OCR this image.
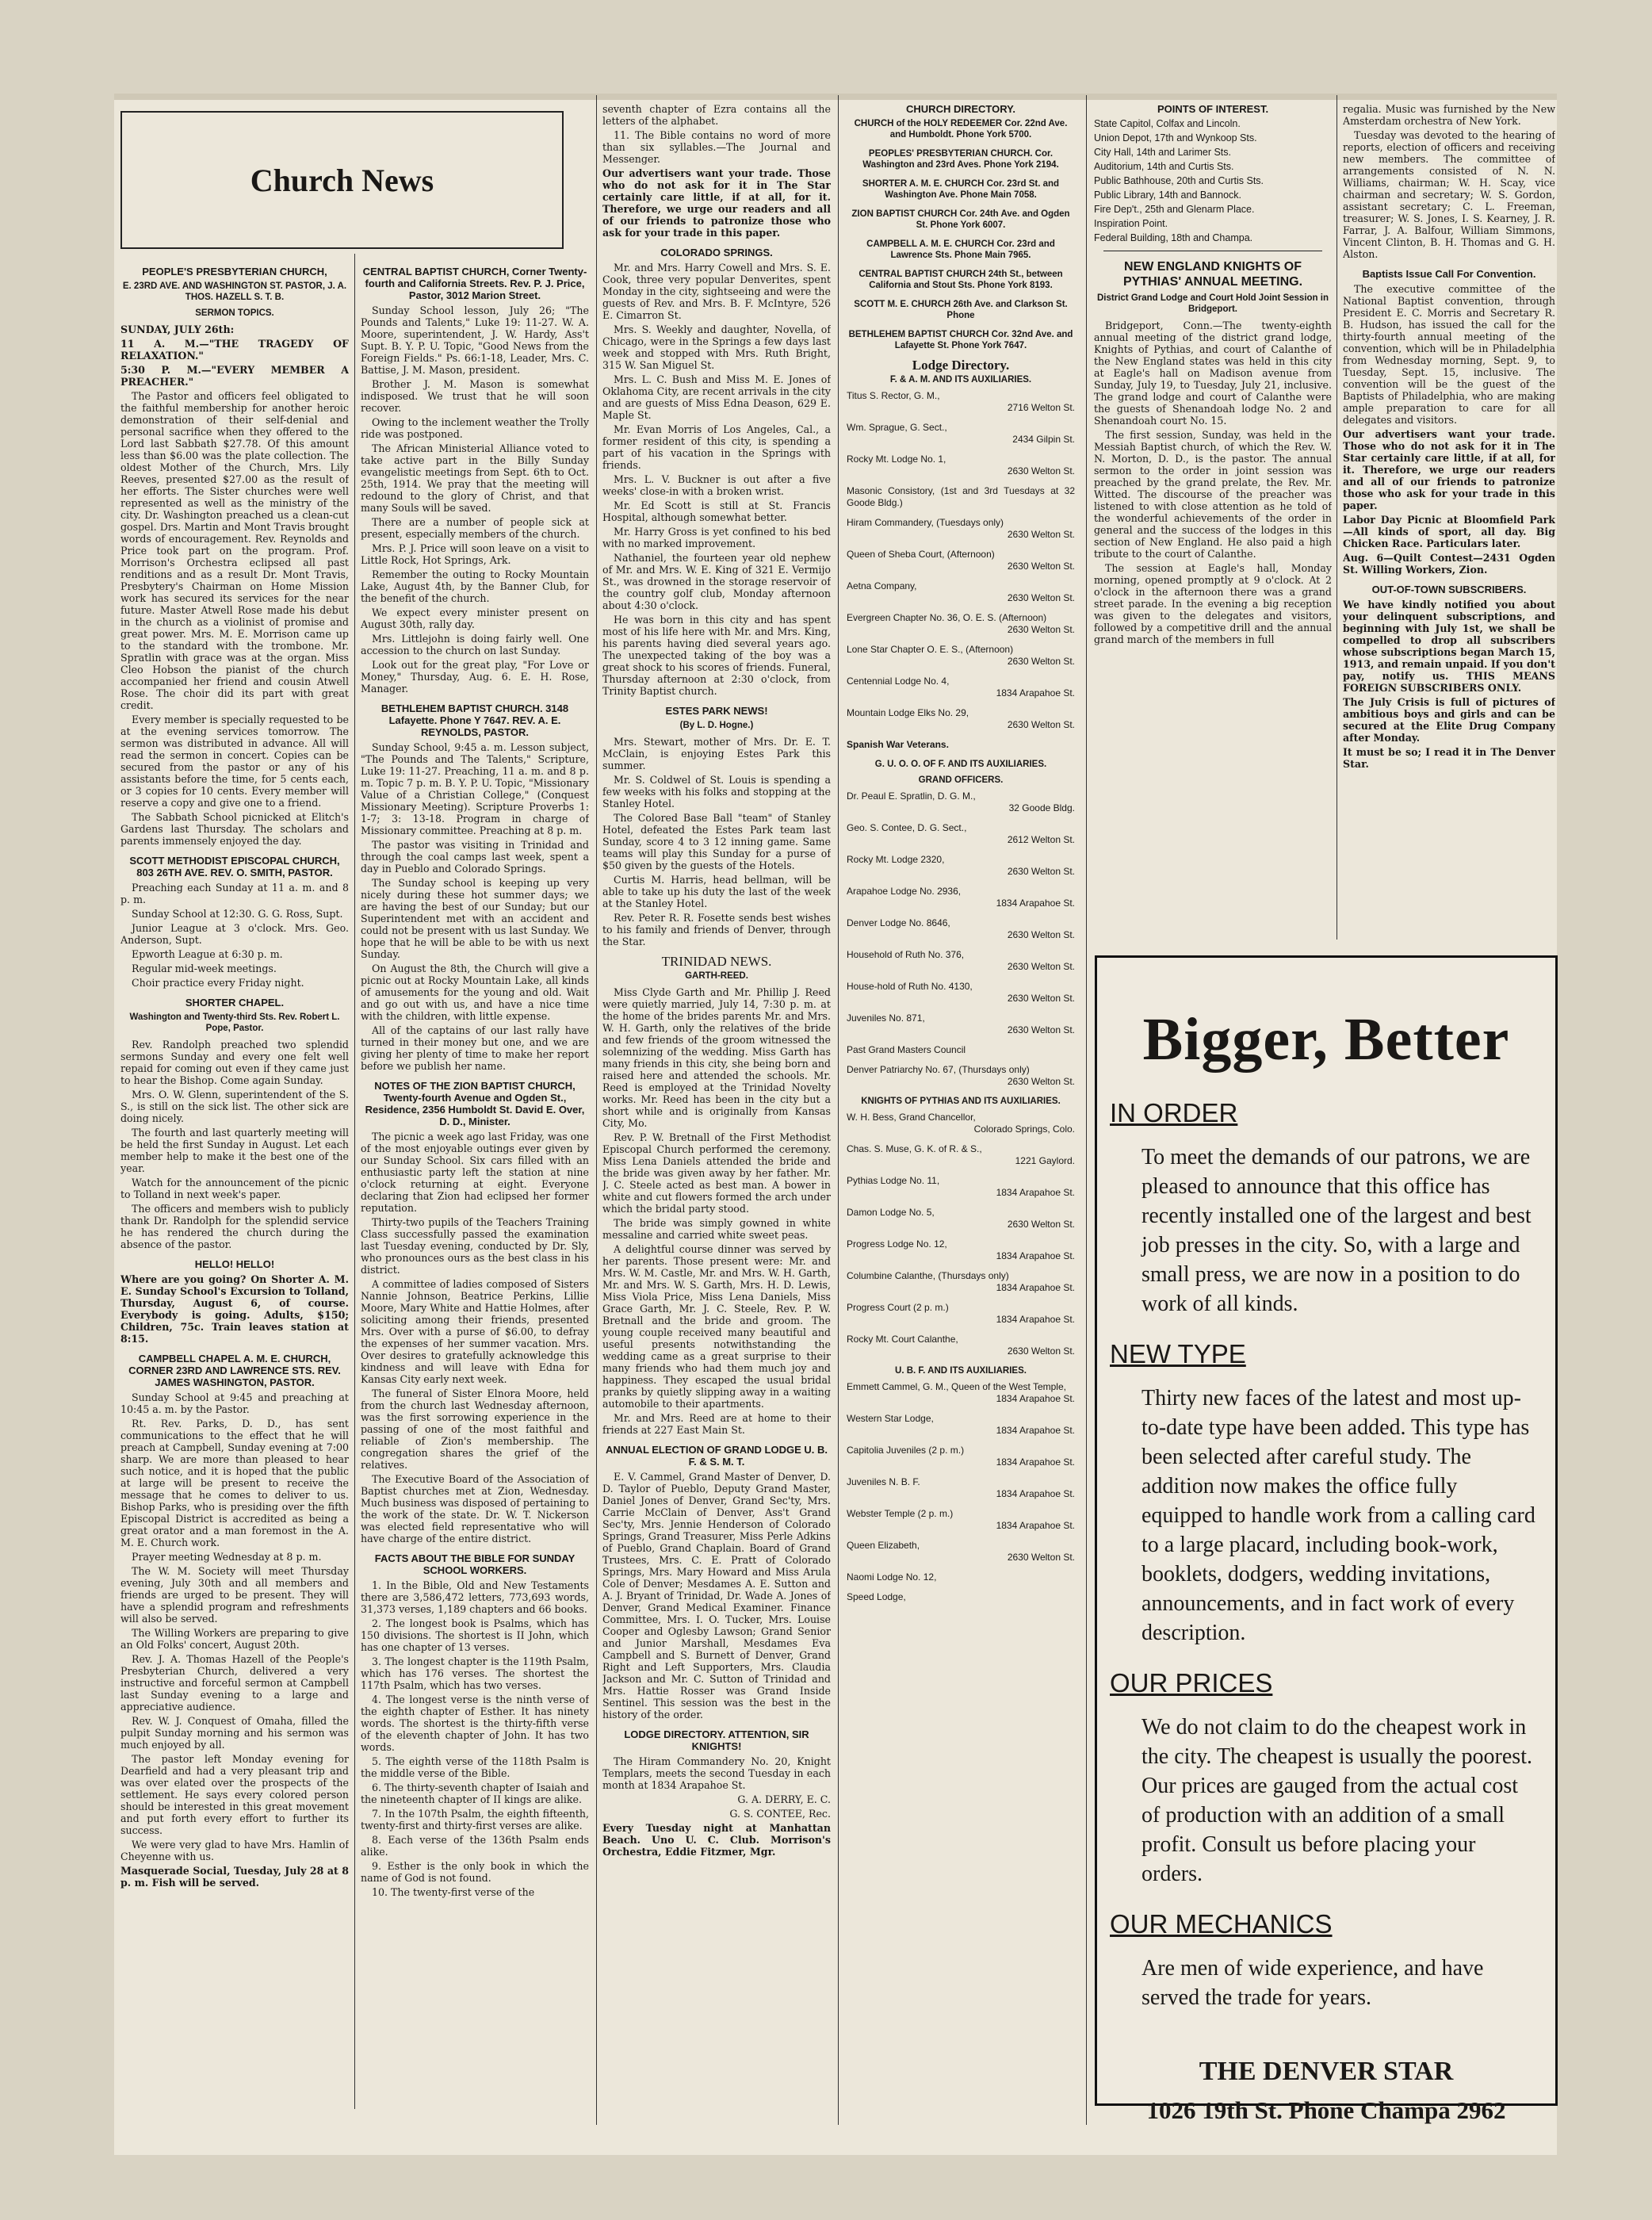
Church News
PEOPLE'S PRESBYTERIAN CHURCH,
E. 23RD AVE. AND WASHINGTON ST. PASTOR, J. A. THOS. HAZELL S. T. B.
SERMON TOPICS.

SUNDAY, JULY 26th:

11 A. M.—"THE TRAGEDY OF RELAXATION."

5:30 P. M.—"EVERY MEMBER A PREACHER."

The Pastor and officers feel obligated to the faithful membership for another heroic demonstration of their self-denial and personal sacrifice when they offered to the Lord last Sabbath $27.78. Of this amount less than $6.00 was the plate collection. The oldest Mother of the Church, Mrs. Lily Reeves, presented $27.00 as the result of her efforts. The Sister churches were well represented as well as the ministry of the city. Dr. Washington preached us a clean-cut gospel. Drs. Martin and Mont Travis brought words of encouragement. Rev. Reynolds and Price took part on the program. Prof. Morrison's Orchestra eclipsed all past renditions and as a result Dr. Mont Travis, Presbytery's Chairman on Home Mission work has secured its services for the near future. Master Atwell Rose made his debut in the church as a violinist of promise and great power. Mrs. M. E. Morrison came up to the standard with the trombone. Mr. Spratlin with grace was at the organ. Miss Cleo Hobson the pianist of the church accompanied her friend and cousin Atwell Rose. The choir did its part with great credit.

Every member is specially requested to be at the evening services tomorrow. The sermon was distributed in advance. All will read the sermon in concert. Copies can be secured from the pastor or any of his assistants before the time, for 5 cents each, or 3 copies for 10 cents. Every member will reserve a copy and give one to a friend.

The Sabbath School picnicked at Elitch's Gardens last Thursday. The scholars and parents immensely enjoyed the day.

SCOTT METHODIST EPISCOPAL CHURCH, 803 26TH AVE. REV. O. SMITH, PASTOR.

Preaching each Sunday at 11 a. m. and 8 p. m.

Sunday School at 12:30. G. G. Ross, Supt.

Junior League at 3 o'clock. Mrs. Geo. Anderson, Supt.

Epworth League at 6:30 p. m.

Regular mid-week meetings.

Choir practice every Friday night.

SHORTER CHAPEL.
Washington and Twenty-third Sts. Rev. Robert L. Pope, Pastor.

Rev. Randolph preached two splendid sermons Sunday and every one felt well repaid for coming out even if they came just to hear the Bishop. Come again Sunday.

Mrs. O. W. Glenn, superintendent of the S. S., is still on the sick list. The other sick are doing nicely.

The fourth and last quarterly meeting will be held the first Sunday in August. Let each member help to make it the best one of the year.

Watch for the announcement of the picnic to Tolland in next week's paper.

The officers and members wish to publicly thank Dr. Randolph for the splendid service he has rendered the church during the absence of the pastor.

HELLO! HELLO!

Where are you going? On Shorter A. M. E. Sunday School's Excursion to Tolland, Thursday, August 6, of course. Everybody is going. Adults, $150; Children, 75c. Train leaves station at 8:15.

CAMPBELL CHAPEL A. M. E. CHURCH, CORNER 23RD AND LAWRENCE STS. REV. JAMES WASHINGTON, PASTOR.

Sunday School at 9:45 and preaching at 10:45 a. m. by the Pastor.

Rt. Rev. Parks, D. D., has sent communications to the effect that he will preach at Campbell, Sunday evening at 7:00 sharp. We are more than pleased to hear such notice, and it is hoped that the public at large will be present to receive the message that he comes to deliver to us. Bishop Parks, who is presiding over the fifth Episcopal District is accredited as being a great orator and a man foremost in the A. M. E. Church work.

Prayer meeting Wednesday at 8 p. m.

The W. M. Society will meet Thursday evening, July 30th and all members and friends are urged to be present. They will have a splendid program and refreshments will also be served.

The Willing Workers are preparing to give an Old Folks' concert, August 20th.

Rev. J. A. Thomas Hazell of the People's Presbyterian Church, delivered a very instructive and forceful sermon at Campbell last Sunday evening to a large and appreciative audience.

Rev. W. J. Conquest of Omaha, filled the pulpit Sunday morning and his sermon was much enjoyed by all.

The pastor left Monday evening for Dearfield and had a very pleasant trip and was over elated over the prospects of the settlement. He says every colored person should be interested in this great movement and put forth every effort to further its success.

We were very glad to have Mrs. Hamlin of Cheyenne with us.

Masquerade Social, Tuesday, July 28 at 8 p. m. Fish will be served.

CENTRAL BAPTIST CHURCH, Corner Twenty-fourth and California Streets. Rev. P. J. Price, Pastor, 3012 Marion Street.

Sunday School lesson, July 26; "The Pounds and Talents," Luke 19: 11-27. W. A. Moore, superintendent, J. W. Hardy, Ass't Supt. B. Y. P. U. Topic, "Good News from the Foreign Fields." Ps. 66:1-18, Leader, Mrs. C. Battise, J. M. Mason, president.

Brother J. M. Mason is somewhat indisposed. We trust that he will soon recover.

Owing to the inclement weather the Trolly ride was postponed.

The African Ministerial Alliance voted to take active part in the Billy Sunday evangelistic meetings from Sept. 6th to Oct. 25th, 1914. We pray that the meeting will redound to the glory of Christ, and that many Souls will be saved.

There are a number of people sick at present, especially members of the church.

Mrs. P. J. Price will soon leave on a visit to Little Rock, Hot Springs, Ark.

Remember the outing to Rocky Mountain Lake, August 4th, by the Banner Club, for the benefit of the church.

We expect every minister present on August 30th, rally day.

Mrs. Littlejohn is doing fairly well. One accession to the church on last Sunday.

Look out for the great play, "For Love or Money," Thursday, Aug. 6. E. H. Rose, Manager.

BETHLEHEM BAPTIST CHURCH. 3148 Lafayette. Phone Y 7647. REV. A. E. REYNOLDS, PASTOR.

Sunday School, 9:45 a. m. Lesson subject, "The Pounds and The Talents," Scripture, Luke 19: 11-27. Preaching, 11 a. m. and 8 p. m. Topic 7 p. m. B. Y. P. U. Topic, "Missionary Value of a Christian College," (Conquest Missionary Meeting). Scripture Proverbs 1: 1-7; 3: 13-18. Program in charge of Missionary committee. Preaching at 8 p. m.

The pastor was visiting in Trinidad and through the coal camps last week, spent a day in Pueblo and Colorado Springs.

The Sunday school is keeping up very nicely during these hot summer days; we are having the best of our Sunday; but our Superintendent met with an accident and could not be present with us last Sunday. We hope that he will be able to be with us next Sunday.

On August the 8th, the Church will give a picnic out at Rocky Mountain Lake, all kinds of amusements for the young and old. Wait and go out with us, and have a nice time with the children, with little expense.

All of the captains of our last rally have turned in their money but one, and we are giving her plenty of time to make her report before we publish her name.

NOTES OF THE ZION BAPTIST CHURCH, Twenty-fourth Avenue and Ogden St., Residence, 2356 Humboldt St. David E. Over, D. D., Minister.

The picnic a week ago last Friday, was one of the most enjoyable outings ever given by our Sunday School. Six cars filled with an enthusiastic party left the station at nine o'clock returning at eight. Everyone declaring that Zion had eclipsed her former reputation.

Thirty-two pupils of the Teachers Training Class successfully passed the examination last Tuesday evening, conducted by Dr. Sly, who pronounces ours as the best class in his district.

A committee of ladies composed of Sisters Nannie Johnson, Beatrice Perkins, Lillie Moore, Mary White and Hattie Holmes, after soliciting among their friends, presented Mrs. Over with a purse of $6.00, to defray the expenses of her summer vacation. Mrs. Over desires to gratefully acknowledge this kindness and will leave with Edna for Kansas City early next week.

The funeral of Sister Elnora Moore, held from the church last Wednesday afternoon, was the first sorrowing experience in the passing of one of the most faithful and reliable of Zion's membership. The congregation shares the grief of the relatives.

The Executive Board of the Association of Baptist churches met at Zion, Wednesday. Much business was disposed of pertaining to the work of the state. Dr. W. T. Nickerson was elected field representative who will have charge of the entire district.

FACTS ABOUT THE BIBLE FOR SUNDAY SCHOOL WORKERS.

1. In the Bible, Old and New Testaments there are 3,586,472 letters, 773,693 words, 31,373 verses, 1,189 chapters and 66 books.

2. The longest book is Psalms, which has 150 divisions. The shortest is II John, which has one chapter of 13 verses.

3. The longest chapter is the 119th Psalm, which has 176 verses. The shortest the 117th Psalm, which has two verses.

4. The longest verse is the ninth verse of the eighth chapter of Esther. It has ninety words. The shortest is the thirty-fifth verse of the eleventh chapter of John. It has two words.

5. The eighth verse of the 118th Psalm is the middle verse of the Bible.

6. The thirty-seventh chapter of Isaiah and the nineteenth chapter of II kings are alike.

7. In the 107th Psalm, the eighth fifteenth, twenty-first and thirty-first verses are alike.

8. Each verse of the 136th Psalm ends alike.

9. Esther is the only book in which the name of God is not found.

10. The twenty-first verse of the

seventh chapter of Ezra contains all the letters of the alphabet.

11. The Bible contains no word of more than six syllables.—The Journal and Messenger.

Our advertisers want your trade. Those who do not ask for it in The Star certainly care little, if at all, for it. Therefore, we urge our readers and all of our friends to patronize those who ask for your trade in this paper.

COLORADO SPRINGS.

Mr. and Mrs. Harry Cowell and Mrs. S. E. Cook, three very popular Denverites, spent Monday in the city, sightseeing and were the guests of Rev. and Mrs. B. F. McIntyre, 526 E. Cimarron St.

Mrs. S. Weekly and daughter, Novella, of Chicago, were in the Springs a few days last week and stopped with Mrs. Ruth Bright, 315 W. San Miguel St.

Mrs. L. C. Bush and Miss M. E. Jones of Oklahoma City, are recent arrivals in the city and are guests of Miss Edna Deason, 629 E. Maple St.

Mr. Evan Morris of Los Angeles, Cal., a former resident of this city, is spending a part of his vacation in the Springs with friends.

Mrs. L. V. Buckner is out after a five weeks' close-in with a broken wrist.

Mr. Ed Scott is still at St. Francis Hospital, although somewhat better.

Mr. Harry Gross is yet confined to his bed with no marked improvement.

Nathaniel, the fourteen year old nephew of Mr. and Mrs. W. E. King of 321 E. Vermijo St., was drowned in the storage reservoir of the country golf club, Monday afternoon about 4:30 o'clock.

He was born in this city and has spent most of his life here with Mr. and Mrs. King, his parents having died several years ago. The unexpected taking of the boy was a great shock to his scores of friends. Funeral, Thursday afternoon at 2:30 o'clock, from Trinity Baptist church.

ESTES PARK NEWS!
(By L. D. Hogne.)

Mrs. Stewart, mother of Mrs. Dr. E. T. McClain, is enjoying Estes Park this summer.

Mr. S. Coldwel of St. Louis is spending a few weeks with his folks and stopping at the Stanley Hotel.

The Colored Base Ball "team" of Stanley Hotel, defeated the Estes Park team last Sunday, score 4 to 3 12 inning game. Same teams will play this Sunday for a purse of $50 given by the guests of the Hotels.

Curtis M. Harris, head bellman, will be able to take up his duty the last of the week at the Stanley Hotel.

Rev. Peter R. R. Fosette sends best wishes to his family and friends of Denver, through the Star.

TRINIDAD NEWS.
GARTH-REED.

Miss Clyde Garth and Mr. Phillip J. Reed were quietly married, July 14, 7:30 p. m. at the home of the brides parents Mr. and Mrs. W. H. Garth, only the relatives of the bride and few friends of the groom witnessed the solemnizing of the wedding. Miss Garth has many friends in this city, she being born and raised here and attended the schools. Mr. Reed is employed at the Trinidad Novelty works. Mr. Reed has been in the city but a short while and is originally from Kansas City, Mo.

Rev. P. W. Bretnall of the First Methodist Episcopal Church performed the ceremony. Miss Lena Daniels attended the bride and the bride was given away by her father. Mr. J. C. Steele acted as best man. A bower in white and cut flowers formed the arch under which the bridal party stood.

The bride was simply gowned in white messaline and carried white sweet peas.

A delightful course dinner was served by her parents. Those present were: Mr. and Mrs. W. M. Castle, Mr. and Mrs. W. H. Garth, Mr. and Mrs. W. S. Garth, Mrs. H. D. Lewis, Miss Viola Price, Miss Lena Daniels, Miss Grace Garth, Mr. J. C. Steele, Rev. P. W. Bretnall and the bride and groom. The young couple received many beautiful and useful presents notwithstanding the wedding came as a great surprise to their many friends who had them much joy and happiness. They escaped the usual bridal pranks by quietly slipping away in a waiting automobile to their apartments.

Mr. and Mrs. Reed are at home to their friends at 227 East Main St.

ANNUAL ELECTION OF GRAND LODGE U. B. F. & S. M. T.

E. V. Cammel, Grand Master of Denver, D. D. Taylor of Pueblo, Deputy Grand Master, Daniel Jones of Denver, Grand Sec'ty, Mrs. Carrie McClain of Denver, Ass't Grand Sec'ty, Mrs. Jennie Henderson of Colorado Springs, Grand Treasurer, Miss Perle Adkins of Pueblo, Grand Chaplain. Board of Grand Trustees, Mrs. C. E. Pratt of Colorado Springs, Mrs. Mary Howard and Miss Arula Cole of Denver; Mesdames A. E. Sutton and A. J. Bryant of Trinidad, Dr. Wade A. Jones of Denver, Grand Medical Examiner. Finance Committee, Mrs. I. O. Tucker, Mrs. Louise Cooper and Oglesby Lawson; Grand Senior and Junior Marshall, Mesdames Eva Campbell and S. Burnett of Denver, Grand Right and Left Supporters, Mrs. Claudia Jackson and Mr. C. Sutton of Trinidad and Mrs. Hattie Rosser was Grand Inside Sentinel. This session was the best in the history of the order.

LODGE DIRECTORY. ATTENTION, SIR KNIGHTS!

The Hiram Commandery No. 20, Knight Templars, meets the second Tuesday in each month at 1834 Arapahoe St.

G. A. DERRY, E. C.

G. S. CONTEE, Rec.

Every Tuesday night at Manhattan Beach. Uno U. C. Club. Morrison's Orchestra, Eddie Fitzmer, Mgr.

CHURCH DIRECTORY.
CHURCH of the HOLY REDEEMER Cor. 22nd Ave. and Humboldt. Phone York 5700.
PEOPLES' PRESBYTERIAN CHURCH. Cor. Washington and 23rd Aves. Phone York 2194.
SHORTER A. M. E. CHURCH Cor. 23rd St. and Washington Ave. Phone Main 7058.
ZION BAPTIST CHURCH Cor. 24th Ave. and Ogden St. Phone York 6007.
CAMPBELL A. M. E. CHURCH Cor. 23rd and Lawrence Sts. Phone Main 7965.
CENTRAL BAPTIST CHURCH 24th St., between California and Stout Sts. Phone York 8193.
SCOTT M. E. CHURCH 26th Ave. and Clarkson St. Phone
BETHLEHEM BAPTIST CHURCH Cor. 32nd Ave. and Lafayette St. Phone York 7647.
Lodge Directory.
F. & A. M. AND ITS AUXILIARIES.

Titus S. Rector, G. M.,
2716 Welton St.

Wm. Sprague, G. Sect.,
2434 Gilpin St.

Rocky Mt. Lodge No. 1,
2630 Welton St.

Masonic Consistory, (1st and 3rd Tuesdays at 32 Goode Bldg.)

Hiram Commandery, (Tuesdays only)
2630 Welton St.

Queen of Sheba Court, (Afternoon)
2630 Welton St.

Aetna Company,
2630 Welton St.

Evergreen Chapter No. 36, O. E. S. (Afternoon)
2630 Welton St.

Lone Star Chapter O. E. S., (Afternoon)
2630 Welton St.

Centennial Lodge No. 4,
1834 Arapahoe St.

Mountain Lodge Elks No. 29,
2630 Welton St.

Spanish War Veterans.

G. U. O. O. OF F. AND ITS AUXILIARIES.
GRAND OFFICERS.

Dr. Peaul E. Spratlin, D. G. M.,
32 Goode Bldg.

Geo. S. Contee, D. G. Sect.,
2612 Welton St.

Rocky Mt. Lodge 2320,
2630 Welton St.

Arapahoe Lodge No. 2936,
1834 Arapahoe St.

Denver Lodge No. 8646,
2630 Welton St.

Household of Ruth No. 376,
2630 Welton St.

House-hold of Ruth No. 4130,
2630 Welton St.

Juveniles No. 871,
2630 Welton St.

Past Grand Masters Council

Denver Patriarchy No. 67, (Thursdays only)
2630 Welton St.

KNIGHTS OF PYTHIAS AND ITS AUXILIARIES.

W. H. Bess, Grand Chancellor,
Colorado Springs, Colo.

Chas. S. Muse, G. K. of R. & S.,
1221 Gaylord.

Pythias Lodge No. 11,
1834 Arapahoe St.

Damon Lodge No. 5,
2630 Welton St.

Progress Lodge No. 12,
1834 Arapahoe St.

Columbine Calanthe, (Thursdays only)
1834 Arapahoe St.

Progress Court (2 p. m.)
1834 Arapahoe St.

Rocky Mt. Court Calanthe,
2630 Welton St.

U. B. F. AND ITS AUXILIARIES.

Emmett Cammel, G. M., Queen of the West Temple,
1834 Arapahoe St.

Western Star Lodge,
1834 Arapahoe St.

Capitolia Juveniles (2 p. m.)
1834 Arapahoe St.

Juveniles N. B. F.
1834 Arapahoe St.

Webster Temple (2 p. m.)
1834 Arapahoe St.

Queen Elizabeth,
2630 Welton St.

Naomi Lodge No. 12,

Speed Lodge,

POINTS OF INTEREST.

State Capitol, Colfax and Lincoln.

Union Depot, 17th and Wynkoop Sts.

City Hall, 14th and Larimer Sts.

Auditorium, 14th and Curtis Sts.

Public Bathhouse, 20th and Curtis Sts.

Public Library, 14th and Bannock.

Fire Dep't., 25th and Glenarm Place.

Inspiration Point.

Federal Building, 18th and Champa.

NEW ENGLAND KNIGHTS OF PYTHIAS' ANNUAL MEETING.
District Grand Lodge and Court Hold Joint Session in Bridgeport.

Bridgeport, Conn.—The twenty-eighth annual meeting of the district grand lodge, Knights of Pythias, and court of Calanthe of the New England states was held in this city at Eagle's hall on Madison avenue from Sunday, July 19, to Tuesday, July 21, inclusive. The grand lodge and court of Calanthe were the guests of Shenandoah lodge No. 2 and Shenandoah court No. 15.

The first session, Sunday, was held in the Messiah Baptist church, of which the Rev. W. N. Morton, D. D., is the pastor. The annual sermon to the order in joint session was preached by the grand prelate, the Rev. Mr. Witted. The discourse of the preacher was listened to with close attention as he told of the wonderful achievements of the order in general and the success of the lodges in this section of New England. He also paid a high tribute to the court of Calanthe.

The session at Eagle's hall, Monday morning, opened promptly at 9 o'clock. At 2 o'clock in the afternoon there was a grand street parade. In the evening a big reception was given to the delegates and visitors, followed by a competitive drill and the annual grand march of the members in full

regalia. Music was furnished by the New Amsterdam orchestra of New York.

Tuesday was devoted to the hearing of reports, election of officers and receiving new members. The committee of arrangements consisted of N. N. Williams, chairman; W. H. Scay, vice chairman and secretary; W. S. Gordon, assistant secretary; C. L. Freeman, treasurer; W. S. Jones, I. S. Kearney, J. R. Farrar, J. A. Balfour, William Simmons, Vincent Clinton, B. H. Thomas and G. H. Alston.

Baptists Issue Call For Convention.

The executive committee of the National Baptist convention, through President E. C. Morris and Secretary R. B. Hudson, has issued the call for the thirty-fourth annual meeting of the convention, which will be in Philadelphia from Wednesday morning, Sept. 9, to Tuesday, Sept. 15, inclusive. The convention will be the guest of the Baptists of Philadelphia, who are making ample preparation to care for all delegates and visitors.

Our advertisers want your trade. Those who do not ask for it in The Star certainly care little, if at all, for it. Therefore, we urge our readers and all of our friends to patronize those who ask for your trade in this paper.

Labor Day Picnic at Bloomfield Park—All kinds of sport, all day. Big Chicken Race. Particulars later.

Aug. 6—Quilt Contest—2431 Ogden St. Willing Workers, Zion.

OUT-OF-TOWN SUBSCRIBERS.

We have kindly notified you about your delinquent subscriptions, and beginning with July 1st, we shall be compelled to drop all subscribers whose subscriptions began March 15, 1913, and remain unpaid. If you don't pay, notify us. THIS MEANS FOREIGN SUBSCRIBERS ONLY.

The July Crisis is full of pictures of ambitious boys and girls and can be secured at the Elite Drug Company after Monday.

It must be so; I read it in The Denver Star.

Bigger, Better
IN ORDER
To meet the demands of our patrons, we are pleased to announce that this office has recently installed one of the largest and best job presses in the city. So, with a large and small press, we are now in a position to do work of all kinds.
NEW TYPE
Thirty new faces of the latest and most up-to-date type have been added. This type has been selected after careful study. The addition now makes the office fully equipped to handle work from a calling card to a large placard, including book-work, booklets, dodgers, wedding invitations, announcements, and in fact work of every description.
OUR PRICES
We do not claim to do the cheapest work in the city. The cheapest is usually the poorest. Our prices are gauged from the actual cost of production with an addition of a small profit. Consult us before placing your orders.
OUR MECHANICS
Are men of wide experience, and have served the trade for years.
THE DENVER STAR
1026 19th St. Phone Champa 2962
